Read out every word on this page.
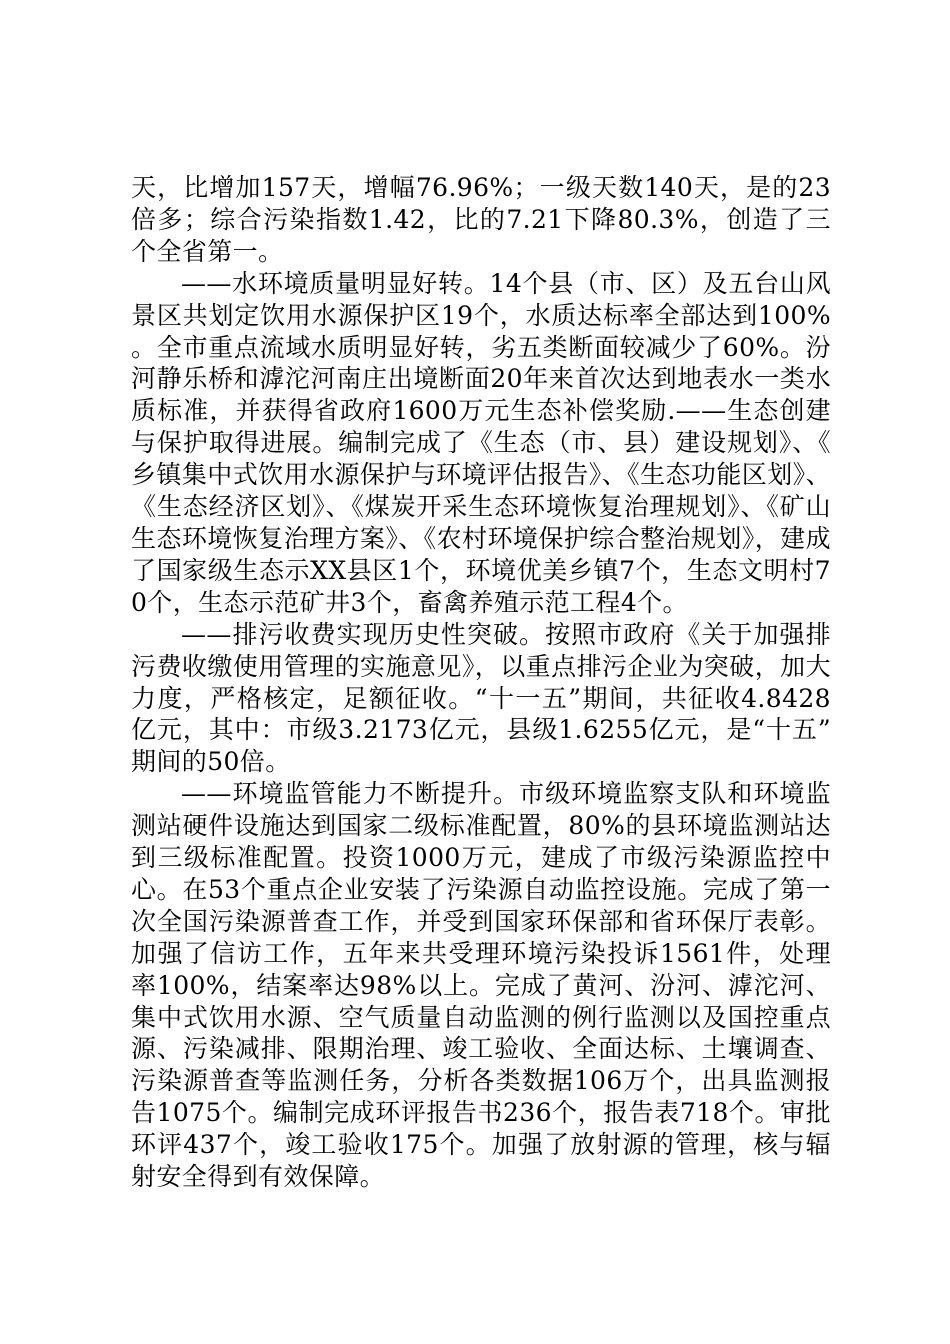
天，比增加157天，增幅76.96%；一级天数140天，是的23倍多；综合污染指数1.42，比的7.21下降80.3%，创造了三个全省第一。

——水环境质量明显好转。14个县（市、区）及五台山风景区共划定饮用水源保护区19个，水质达标率全部达到100%。全市重点流域水质明显好转，劣五类断面较减少了60%。汾河静乐桥和滹沱河南庄出境断面20年来首次达到地表水一类水质标准，并获得省政府1600万元生态补偿奖励.——生态创建与保护取得进展。编制完成了《生态（市、县）建设规划》、《乡镇集中式饮用水源保护与环境评估报告》、《生态功能区划》、《生态经济区划》、《煤炭开采生态环境恢复治理规划》、《矿山生态环境恢复治理方案》、《农村环境保护综合整治规划》，建成了国家级生态示XX县区1个，环境优美乡镇7个，生态文明村70个，生态示范矿井3个，畜禽养殖示范工程4个。

——排污收费实现历史性突破。按照市政府《关于加强排污费收缴使用管理的实施意见》，以重点排污企业为突破，加大力度，严格核定，足额征收。“十一五”期间，共征收4.8428亿元，其中：市级3.2173亿元，县级1.6255亿元，是“十五”期间的50倍。

——环境监管能力不断提升。市级环境监察支队和环境监测站硬件设施达到国家二级标准配置，80%的县环境监测站达到三级标准配置。投资1000万元，建成了市级污染源监控中心。在53个重点企业安装了污染源自动监控设施。完成了第一次全国污染源普查工作，并受到国家环保部和省环保厅表彰。加强了信访工作，五年来共受理环境污染投诉1561件，处理率100%，结案率达98%以上。完成了黄河、汾河、滹沱河、集中式饮用水源、空气质量自动监测的例行监测以及国控重点源、污染减排、限期治理、竣工验收、全面达标、土壤调查、污染源普查等监测任务，分析各类数据106万个，出具监测报告1075个。编制完成环评报告书236个，报告表718个。审批环评437个，竣工验收175个。加强了放射源的管理，核与辐射安全得到有效保障。
